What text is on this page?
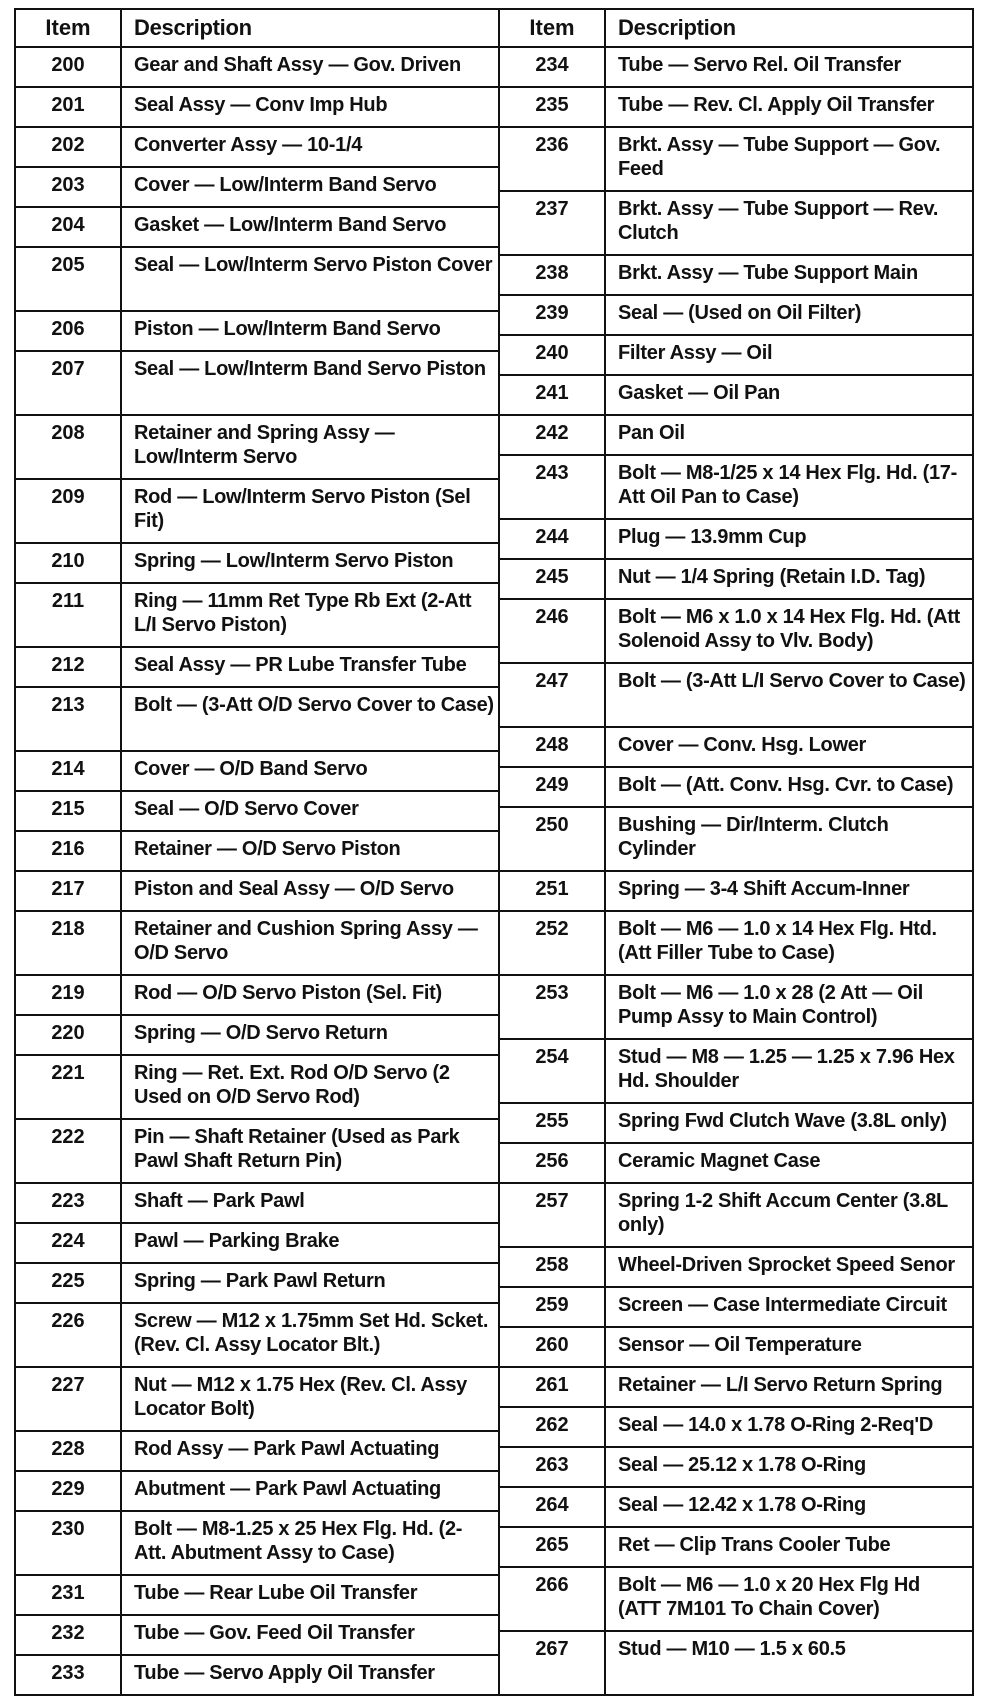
Item	Description
200	Gear and Shaft Assy — Gov. Driven
201	Seal Assy — Conv Imp Hub
202	Converter Assy — 10-1/4
203	Cover — Low/Interm Band Servo
204	Gasket — Low/Interm Band Servo
205	Seal — Low/Interm Servo Piston Cover
206	Piston — Low/Interm Band Servo
207	Seal — Low/Interm Band Servo Piston
208	Retainer and Spring Assy — Low/Interm Servo
209	Rod — Low/Interm Servo Piston (Sel Fit)
210	Spring — Low/Interm Servo Piston
211	Ring — 11mm Ret Type Rb Ext (2-Att L/I Servo Piston)
212	Seal Assy — PR Lube Transfer Tube
213	Bolt — (3-Att O/D Servo Cover to Case)
214	Cover — O/D Band Servo
215	Seal — O/D Servo Cover
216	Retainer — O/D Servo Piston
217	Piston and Seal Assy — O/D Servo
218	Retainer and Cushion Spring Assy — O/D Servo
219	Rod — O/D Servo Piston (Sel. Fit)
220	Spring — O/D Servo Return
221	Ring — Ret. Ext. Rod O/D Servo (2 Used on O/D Servo Rod)
222	Pin — Shaft Retainer (Used as Park Pawl Shaft Return Pin)
223	Shaft — Park Pawl
224	Pawl — Parking Brake
225	Spring — Park Pawl Return
226	Screw — M12 x 1.75mm Set Hd. Scket. (Rev. Cl. Assy Locator Blt.)
227	Nut — M12 x 1.75 Hex (Rev. Cl. Assy Locator Bolt)
228	Rod Assy — Park Pawl Actuating
229	Abutment — Park Pawl Actuating
230	Bolt — M8-1.25 x 25 Hex Flg. Hd. (2-Att. Abutment Assy to Case)
231	Tube — Rear Lube Oil Transfer
232	Tube — Gov. Feed Oil Transfer
233	Tube — Servo Apply Oil Transfer
Item	Description
234	Tube — Servo Rel. Oil Transfer
235	Tube — Rev. Cl. Apply Oil Transfer
236	Brkt. Assy — Tube Support — Gov. Feed
237	Brkt. Assy — Tube Support — Rev. Clutch
238	Brkt. Assy — Tube Support Main
239	Seal — (Used on Oil Filter)
240	Filter Assy — Oil
241	Gasket — Oil Pan
242	Pan Oil
243	Bolt — M8-1/25 x 14 Hex Flg. Hd. (17-Att Oil Pan to Case)
244	Plug — 13.9mm Cup
245	Nut — 1/4 Spring (Retain I.D. Tag)
246	Bolt — M6 x 1.0 x 14 Hex Flg. Hd. (Att Solenoid Assy to Vlv. Body)
247	Bolt — (3-Att L/I Servo Cover to Case)
248	Cover — Conv. Hsg. Lower
249	Bolt — (Att. Conv. Hsg. Cvr. to Case)
250	Bushing — Dir/Interm. Clutch Cylinder
251	Spring — 3-4 Shift Accum-Inner
252	Bolt — M6 — 1.0 x 14 Hex Flg. Htd. (Att Filler Tube to Case)
253	Bolt — M6 — 1.0 x 28 (2 Att — Oil Pump Assy to Main Control)
254	Stud — M8 — 1.25 — 1.25 x 7.96 Hex Hd. Shoulder
255	Spring Fwd Clutch Wave (3.8L only)
256	Ceramic Magnet Case
257	Spring 1-2 Shift Accum Center (3.8L only)
258	Wheel-Driven Sprocket Speed Senor
259	Screen — Case Intermediate Circuit
260	Sensor — Oil Temperature
261	Retainer — L/I Servo Return Spring
262	Seal — 14.0 x 1.78 O-Ring 2-Req'D
263	Seal — 25.12 x 1.78 O-Ring
264	Seal — 12.42 x 1.78 O-Ring
265	Ret — Clip Trans Cooler Tube
266	Bolt — M6 — 1.0 x 20 Hex Flg Hd (ATT 7M101 To Chain Cover)
267	Stud — M10 — 1.5 x 60.5
